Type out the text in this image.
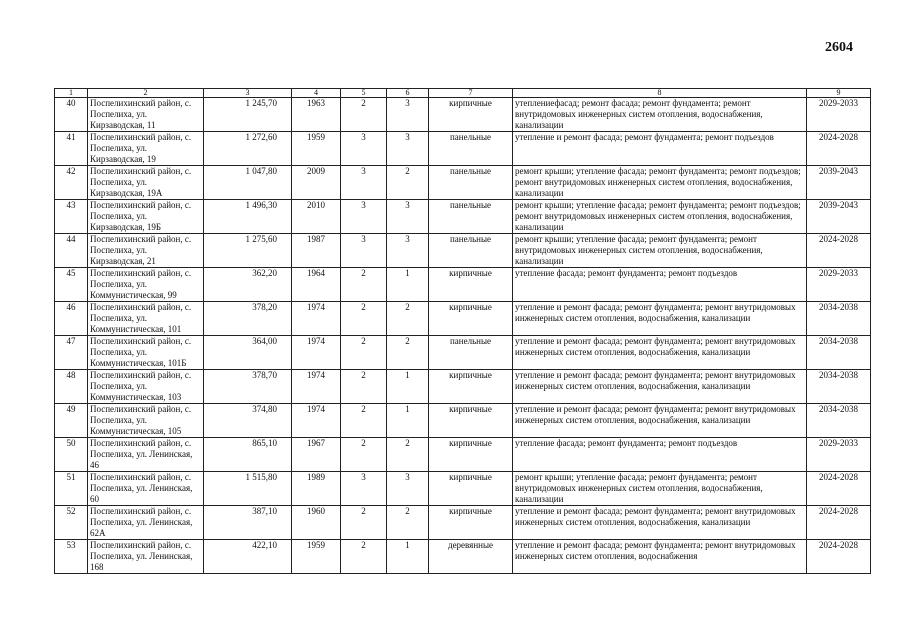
2604
1	2	3	4	5	6	7	8	9
40	Поспелихинский район, с. Поспелиха, ул. Кирзаводская, 11	1 245,70	1963	2	3	кирпичные	утеплениефасад; ремонт фасада; ремонт фундамента; ремонт внутридомовых инженерных систем отопления, водоснабжения, канализации	2029-2033
41	Поспелихинский район, с. Поспелиха, ул. Кирзаводская, 19	1 272,60	1959	3	3	панельные	утепление и ремонт фасада; ремонт фундамента; ремонт подъездов	2024-2028
42	Поспелихинский район, с. Поспелиха, ул. Кирзаводская, 19А	1 047,80	2009	3	2	панельные	ремонт крыши; утепление фасада; ремонт фундамента; ремонт подъездов; ремонт внутридомовых инженерных систем отопления, водоснабжения, канализации	2039-2043
43	Поспелихинский район, с. Поспелиха, ул. Кирзаводская, 19Б	1 496,30	2010	3	3	панельные	ремонт крыши; утепление фасада; ремонт фундамента; ремонт подъездов; ремонт внутридомовых инженерных систем отопления, водоснабжения, канализации	2039-2043
44	Поспелихинский район, с. Поспелиха, ул. Кирзаводская, 21	1 275,60	1987	3	3	панельные	ремонт крыши; утепление фасада; ремонт фундамента; ремонт внутридомовых инженерных систем отопления, водоснабжения, канализации	2024-2028
45	Поспелихинский район, с. Поспелиха, ул. Коммунистическая, 99	362,20	1964	2	1	кирпичные	утепление фасада; ремонт фундамента; ремонт подъездов	2029-2033
46	Поспелихинский район, с. Поспелиха, ул. Коммунистическая, 101	378,20	1974	2	2	кирпичные	утепление и ремонт фасада; ремонт фундамента; ремонт внутридомовых инженерных систем отопления, водоснабжения, канализации	2034-2038
47	Поспелихинский район, с. Поспелиха, ул. Коммунистическая, 101Б	364,00	1974	2	2	панельные	утепление и ремонт фасада; ремонт фундамента; ремонт внутридомовых инженерных систем отопления, водоснабжения, канализации	2034-2038
48	Поспелихинский район, с. Поспелиха, ул. Коммунистическая, 103	378,70	1974	2	1	кирпичные	утепление и ремонт фасада; ремонт фундамента; ремонт внутридомовых инженерных систем отопления, водоснабжения, канализации	2034-2038
49	Поспелихинский район, с. Поспелиха, ул. Коммунистическая, 105	374,80	1974	2	1	кирпичные	утепление и ремонт фасада; ремонт фундамента; ремонт внутридомовых инженерных систем отопления, водоснабжения, канализации	2034-2038
50	Поспелихинский район, с. Поспелиха, ул. Ленинская, 46	865,10	1967	2	2	кирпичные	утепление фасада; ремонт фундамента; ремонт подъездов	2029-2033
51	Поспелихинский район, с. Поспелиха, ул. Ленинская, 60	1 515,80	1989	3	3	кирпичные	ремонт крыши; утепление фасада; ремонт фундамента; ремонт внутридомовых инженерных систем отопления, водоснабжения, канализации	2024-2028
52	Поспелихинский район, с. Поспелиха, ул. Ленинская, 62А	387,10	1960	2	2	кирпичные	утепление и ремонт фасада; ремонт фундамента; ремонт внутридомовых инженерных систем отопления, водоснабжения, канализации	2024-2028
53	Поспелихинский район, с. Поспелиха, ул. Ленинская, 168	422,10	1959	2	1	деревянные	утепление и ремонт фасада; ремонт фундамента; ремонт внутридомовых инженерных систем отопления, водоснабжения	2024-2028
